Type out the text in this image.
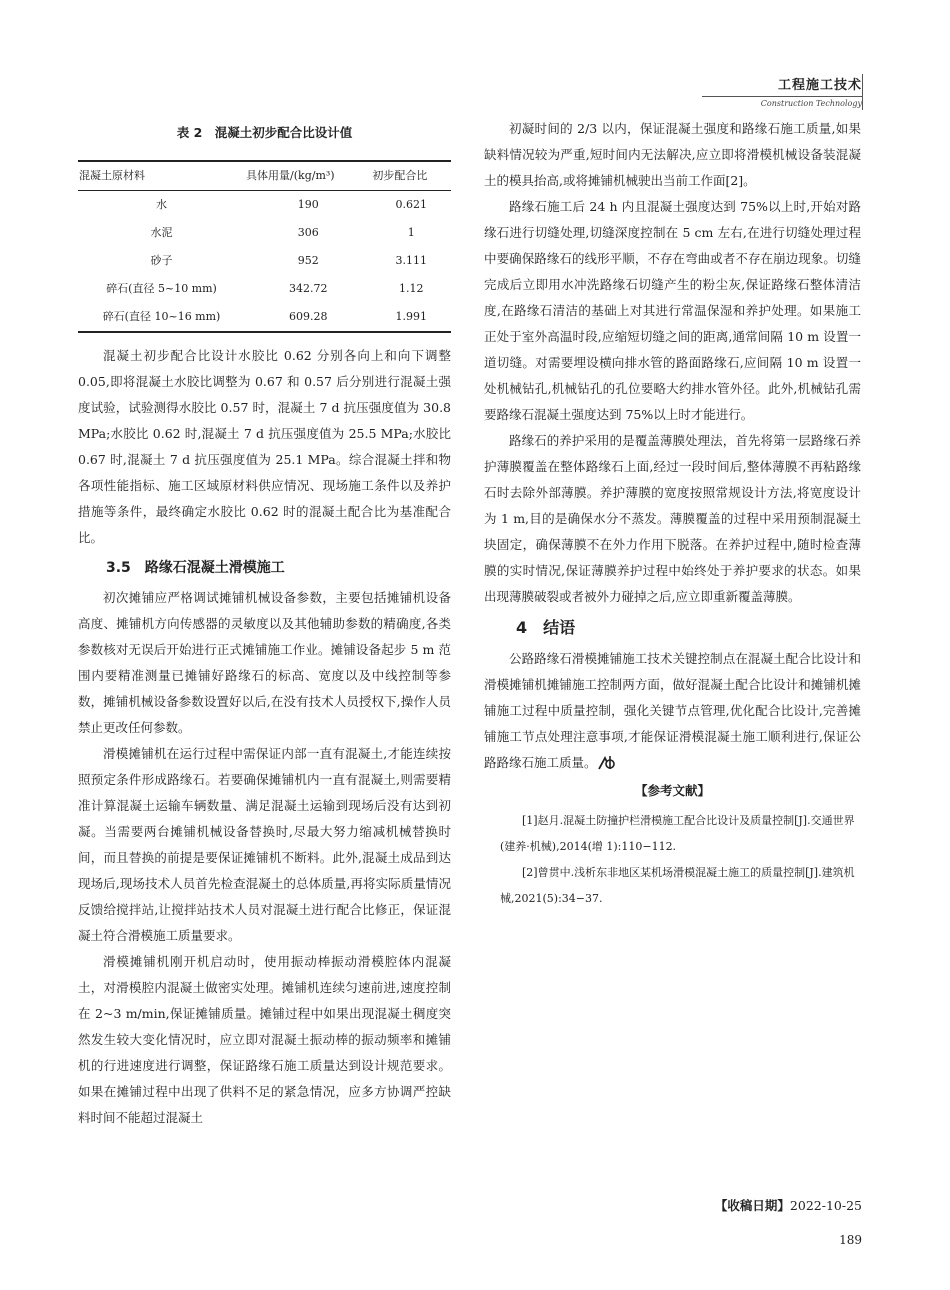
工程施工技术
Construction Technology
表 2　混凝土初步配合比设计值
混凝土原材料	具体用量/(kg/m³)	初步配合比
水	190	0.621
水泥	306	1
砂子	952	3.111
碎石(直径 5~10 mm)	342.72	1.12
碎石(直径 10~16 mm)	609.28	1.991

混凝土初步配合比设计水胶比 0.62 分别各向上和向下调整 0.05,即将混凝土水胶比调整为 0.67 和 0.57 后分别进行混凝土强度试验，试验测得水胶比 0.57 时，混凝土 7 d 抗压强度值为 30.8 MPa;水胶比 0.62 时,混凝土 7 d 抗压强度值为 25.5 MPa;水胶比 0.67 时,混凝土 7 d 抗压强度值为 25.1 MPa。综合混凝土拌和物各项性能指标、施工区域原材料供应情况、现场施工条件以及养护措施等条件，最终确定水胶比 0.62 时的混凝土配合比为基准配合比。

3.5　路缘石混凝土滑模施工

初次摊铺应严格调试摊铺机械设备参数，主要包括摊铺机设备高度、摊铺机方向传感器的灵敏度以及其他辅助参数的精确度,各类参数核对无误后开始进行正式摊铺施工作业。摊铺设备起步 5 m 范围内要精准测量已摊铺好路缘石的标高、宽度以及中线控制等参数，摊铺机械设备参数设置好以后,在没有技术人员授权下,操作人员禁止更改任何参数。

滑模摊铺机在运行过程中需保证内部一直有混凝土,才能连续按照预定条件形成路缘石。若要确保摊铺机内一直有混凝土,则需要精准计算混凝土运输车辆数量、满足混凝土运输到现场后没有达到初凝。当需要两台摊铺机械设备替换时,尽最大努力缩减机械替换时间，而且替换的前提是要保证摊铺机不断料。此外,混凝土成品到达现场后,现场技术人员首先检查混凝土的总体质量,再将实际质量情况反馈给搅拌站,让搅拌站技术人员对混凝土进行配合比修正，保证混凝土符合滑模施工质量要求。

滑模摊铺机刚开机启动时，使用振动棒振动滑模腔体内混凝土，对滑模腔内混凝土做密实处理。摊铺机连续匀速前进,速度控制在 2~3 m/min,保证摊铺质量。摊铺过程中如果出现混凝土稠度突然发生较大变化情况时，应立即对混凝土振动棒的振动频率和摊铺机的行进速度进行调整，保证路缘石施工质量达到设计规范要求。如果在摊铺过程中出现了供料不足的紧急情况，应多方协调严控缺料时间不能超过混凝土

初凝时间的 2/3 以内，保证混凝土强度和路缘石施工质量,如果缺料情况较为严重,短时间内无法解决,应立即将滑模机械设备装混凝土的模具抬高,或将摊铺机械驶出当前工作面[2]。

路缘石施工后 24 h 内且混凝土强度达到 75%以上时,开始对路缘石进行切缝处理,切缝深度控制在 5 cm 左右,在进行切缝处理过程中要确保路缘石的线形平顺，不存在弯曲或者不存在崩边现象。切缝完成后立即用水冲洗路缘石切缝产生的粉尘灰,保证路缘石整体清洁度,在路缘石清洁的基础上对其进行常温保湿和养护处理。如果施工正处于室外高温时段,应缩短切缝之间的距离,通常间隔 10 m 设置一道切缝。对需要埋设横向排水管的路面路缘石,应间隔 10 m 设置一处机械钻孔,机械钻孔的孔位要略大约排水管外径。此外,机械钻孔需要路缘石混凝土强度达到 75%以上时才能进行。

路缘石的养护采用的是覆盖薄膜处理法，首先将第一层路缘石养护薄膜覆盖在整体路缘石上面,经过一段时间后,整体薄膜不再粘路缘石时去除外部薄膜。养护薄膜的宽度按照常规设计方法,将宽度设计为 1 m,目的是确保水分不蒸发。薄膜覆盖的过程中采用预制混凝土块固定，确保薄膜不在外力作用下脱落。在养护过程中,随时检查薄膜的实时情况,保证薄膜养护过程中始终处于养护要求的状态。如果出现薄膜破裂或者被外力碰掉之后,应立即重新覆盖薄膜。

4　结语

公路路缘石滑模摊铺施工技术关键控制点在混凝土配合比设计和滑模摊铺机摊铺施工控制两方面，做好混凝土配合比设计和摊铺机摊铺施工过程中质量控制，强化关键节点管理,优化配合比设计,完善摊铺施工节点处理注意事项,才能保证滑模混凝土施工顺利进行,保证公路路缘石施工质量。

【参考文献】

[1]赵月.混凝土防撞护栏滑模施工配合比设计及质量控制[J].交通世界(建养·机械),2014(增 1):110−112.

[2]曾贯中.浅析东非地区某机场滑模混凝土施工的质量控制[J].建筑机械,2021(5):34−37.

【收稿日期】2022-10-25
189
